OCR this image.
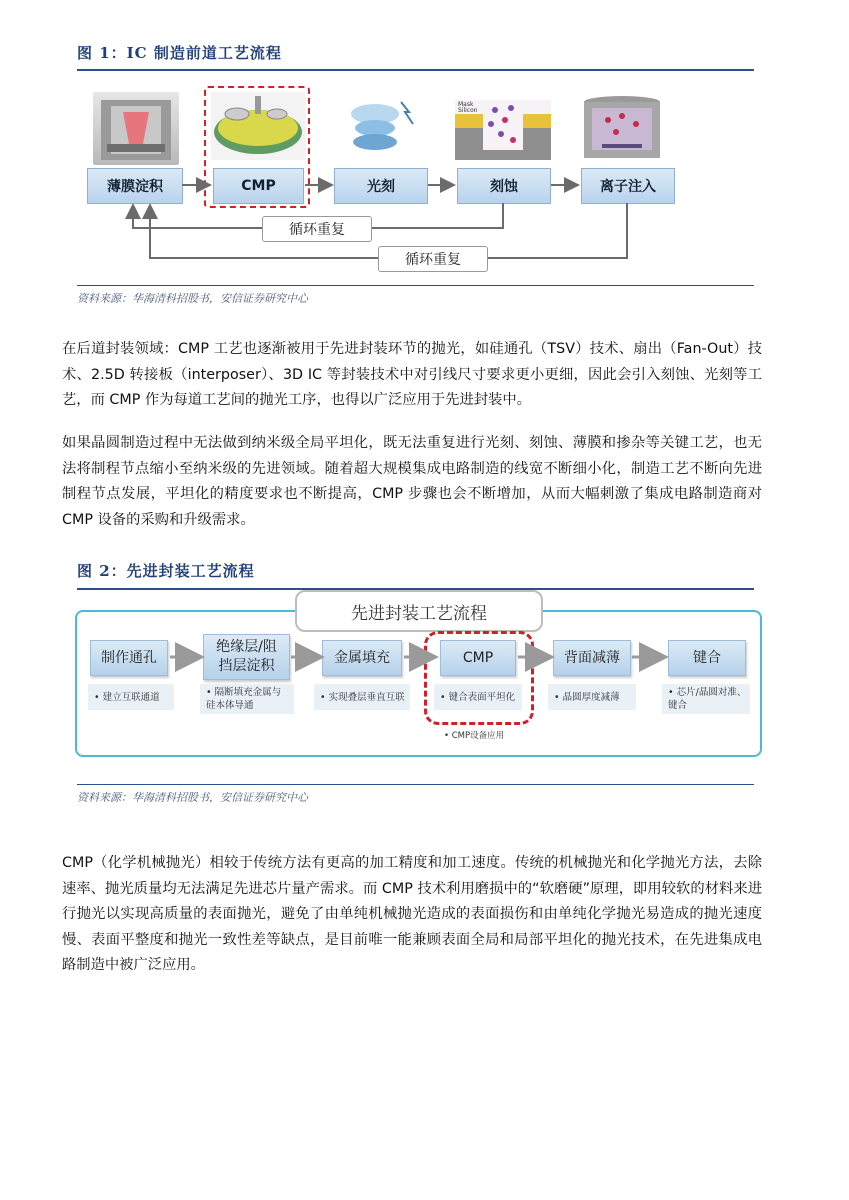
图 1：IC 制造前道工艺流程
Mask
Silicon
薄膜淀积	CMP	光刻	刻蚀	离子注入
循环重复
循环重复
资料来源：华海清科招股书，安信证券研究中心
在后道封装领域：CMP 工艺也逐渐被用于先进封装环节的抛光，如硅通孔（TSV）技术、扇出（Fan-Out）技术、2.5D 转接板（interposer）、3D IC 等封装技术中对引线尺寸要求更小更细，因此会引入刻蚀、光刻等工艺，而 CMP 作为每道工艺间的抛光工序，也得以广泛应用于先进封装中。
如果晶圆制造过程中无法做到纳米级全局平坦化，既无法重复进行光刻、刻蚀、薄膜和掺杂等关键工艺，也无法将制程节点缩小至纳米级的先进领域。随着超大规模集成电路制造的线宽不断细小化，制造工艺不断向先进制程节点发展，平坦化的精度要求也不断提高，CMP 步骤也会不断增加，从而大幅刺激了集成电路制造商对 CMP 设备的采购和升级需求。
图 2：先进封装工艺流程
先进封装工艺流程
制作通孔
绝缘层/阻
挡层淀积
金属填充	CMP	背面减薄	键合
• 建立互联通道	• 隔断填充金属与
硅本体导通
• 实现叠层垂直互联	• 键合表面平坦化	• 晶圆厚度减薄	• 芯片/晶圆对准、
键合
• CMP设备应用
资料来源：华海清科招股书，安信证券研究中心
CMP（化学机械抛光）相较于传统方法有更高的加工精度和加工速度。传统的机械抛光和化学抛光方法，去除速率、抛光质量均无法满足先进芯片量产需求。而 CMP 技术利用磨损中的“软磨硬”原理，即用较软的材料来进行抛光以实现高质量的表面抛光，避免了由单纯机械抛光造成的表面损伤和由单纯化学抛光易造成的抛光速度慢、表面平整度和抛光一致性差等缺点，是目前唯一能兼顾表面全局和局部平坦化的抛光技术，在先进集成电路制造中被广泛应用。
